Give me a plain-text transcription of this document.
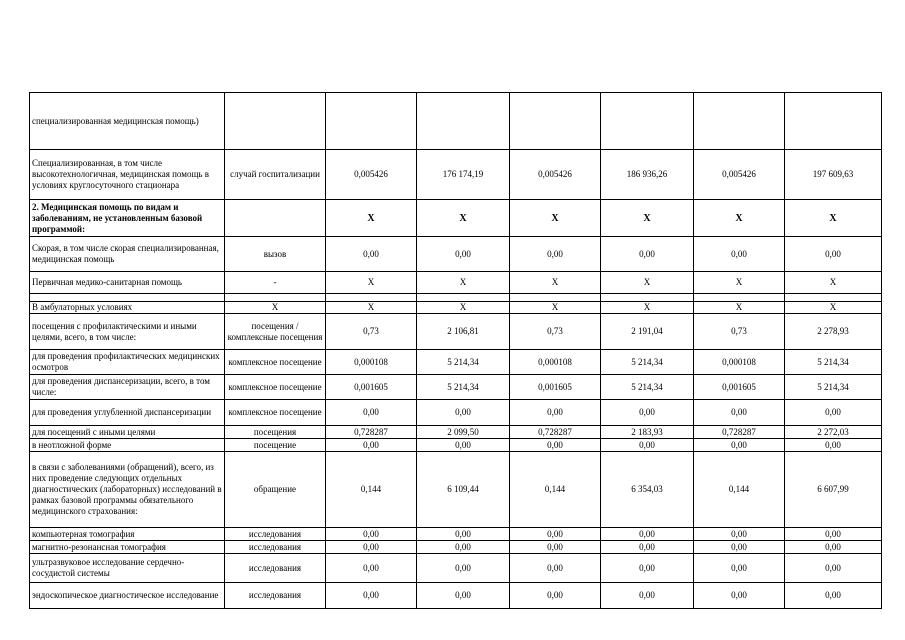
специализированная медицинская помощь)							
Специализированная, в том числе высокотехнологичная, медицинская помощь в условиях круглосуточного стационара	случай госпитализации	0,005426	176 174,19	0,005426	186 936,26	0,005426	197 609,63
2. Медицинская помощь по видам и заболеваниям, не установленным базовой программой:		X	X	X	X	X	X
Скорая, в том числе скорая специализированная, медицинская помощь	вызов	0,00	0,00	0,00	0,00	0,00	0,00
Первичная медико-санитарная помощь	-	X	X	X	X	X	X

В амбулаторных условиях	X	X	X	X	X	X	X
посещения с профилактическими и иными целями, всего, в том числе:	посещения / комплексные посещения	0,73	2 106,81	0,73	2 191,04	0,73	2 278,93
для проведения профилактических медицинских осмотров	комплексное посещение	0,000108	5 214,34	0,000108	5 214,34	0,000108	5 214,34
для проведения диспансеризации, всего, в том числе:	комплексное посещение	0,001605	5 214,34	0,001605	5 214,34	0,001605	5 214,34
для проведения углубленной диспансеризации	комплексное посещение	0,00	0,00	0,00	0,00	0,00	0,00
для посещений с иными целями	посещения	0,728287	2 099,50	0,728287	2 183,93	0,728287	2 272,03
в неотложной форме	посещение	0,00	0,00	0,00	0,00	0,00	0,00
в связи с заболеваниями (обращений), всего, из них проведение следующих отдельных диагностических (лабораторных) исследований в рамках базовой программы обязательного медицинского страхования:	обращение	0,144	6 109,44	0,144	6 354,03	0,144	6 607,99
компьютерная томография	исследования	0,00	0,00	0,00	0,00	0,00	0,00
магнитно-резонансная томография	исследования	0,00	0,00	0,00	0,00	0,00	0,00
ультразвуковое исследование сердечно-сосудистой системы	исследования	0,00	0,00	0,00	0,00	0,00	0,00
эндоскопическое диагностическое исследование	исследования	0,00	0,00	0,00	0,00	0,00	0,00
